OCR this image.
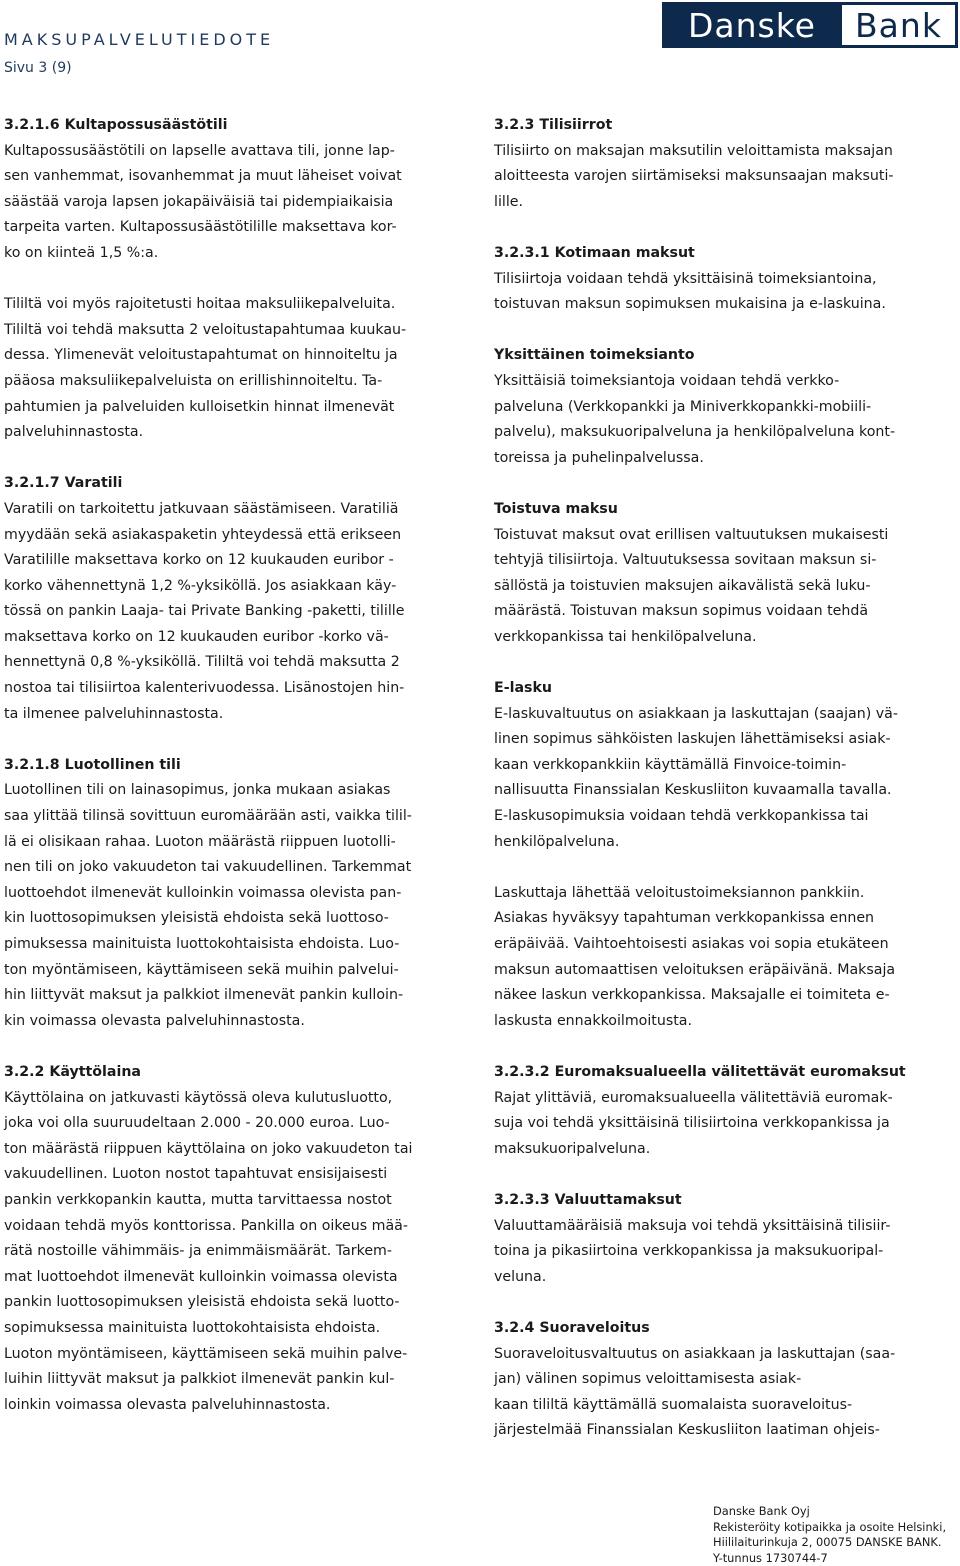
MAKSUPALVELUTIEDOTE
Sivu 3 (9)
Danske	Bank

3.2.1.6 Kultapossusäästötili

Kultapossusäästötili on lapselle avattava tili, jonne lap-
sen vanhemmat, isovanhemmat ja muut läheiset voivat
säästää varoja lapsen jokapäiväisiä tai pidempiaikaisia
tarpeita varten. Kultapossusäästötilille maksettava kor-
ko on kiinteä 1,5 %:a.

Tililtä voi myös rajoitetusti hoitaa maksuliikepalveluita.
Tililtä voi tehdä maksutta 2 veloitustapahtumaa kuukau-
dessa. Ylimenevät veloitustapahtumat on hinnoiteltu ja
pääosa maksuliikepalveluista on erillishinnoiteltu. Ta-
pahtumien ja palveluiden kulloisetkin hinnat ilmenevät
palveluhinnastosta.

3.2.1.7 Varatili

Varatili on tarkoitettu jatkuvaan säästämiseen. Varatiliä
myydään sekä asiakaspaketin yhteydessä että erikseen
Varatilille maksettava korko on 12 kuukauden euribor -
korko vähennettynä 1,2 %-yksiköllä. Jos asiakkaan käy-
tössä on pankin Laaja- tai Private Banking -paketti, tilille
maksettava korko on 12 kuukauden euribor -korko vä-
hennettynä 0,8 %-yksiköllä. Tililtä voi tehdä maksutta 2
nostoa tai tilisiirtoa kalenterivuodessa. Lisänostojen hin-
ta ilmenee palveluhinnastosta.

3.2.1.8 Luotollinen tili

Luotollinen tili on lainasopimus, jonka mukaan asiakas
saa ylittää tilinsä sovittuun euromäärään asti, vaikka tilil-
lä ei olisikaan rahaa. Luoton määrästä riippuen luotolli-
nen tili on joko vakuudeton tai vakuudellinen. Tarkemmat
luottoehdot ilmenevät kulloinkin voimassa olevista pan-
kin luottosopimuksen yleisistä ehdoista sekä luottoso-
pimuksessa mainituista luottokohtaisista ehdoista. Luo-
ton myöntämiseen, käyttämiseen sekä muihin palvelui-
hin liittyvät maksut ja palkkiot ilmenevät pankin kulloin-
kin voimassa olevasta palveluhinnastosta.

3.2.2 Käyttölaina

Käyttölaina on jatkuvasti käytössä oleva kulutusluotto,
joka voi olla suuruudeltaan 2.000 - 20.000 euroa. Luo-
ton määrästä riippuen käyttölaina on joko vakuudeton tai
vakuudellinen. Luoton nostot tapahtuvat ensisijaisesti
pankin verkkopankin kautta, mutta tarvittaessa nostot
voidaan tehdä myös konttorissa. Pankilla on oikeus mää-
rätä nostoille vähimmäis- ja enimmäismäärät. Tarkem-
mat luottoehdot ilmenevät kulloinkin voimassa olevista
pankin luottosopimuksen yleisistä ehdoista sekä luotto-
sopimuksessa mainituista luottokohtaisista ehdoista.
Luoton myöntämiseen, käyttämiseen sekä muihin palve-
luihin liittyvät maksut ja palkkiot ilmenevät pankin kul-
loinkin voimassa olevasta palveluhinnastosta.

3.2.3 Tilisiirrot

Tilisiirto on maksajan maksutilin veloittamista maksajan
aloitteesta varojen siirtämiseksi maksunsaajan maksuti-
lille.

3.2.3.1 Kotimaan maksut

Tilisiirtoja voidaan tehdä yksittäisinä toimeksiantoina,
toistuvan maksun sopimuksen mukaisina ja e-laskuina.

Yksittäinen toimeksianto

Yksittäisiä toimeksiantoja voidaan tehdä verkko-
palveluna (Verkkopankki ja Miniverkkopankki-mobiili-
palvelu), maksukuoripalveluna ja henkilöpalveluna kont-
toreissa ja puhelinpalvelussa.

Toistuva maksu

Toistuvat maksut ovat erillisen valtuutuksen mukaisesti
tehtyjä tilisiirtoja. Valtuutuksessa sovitaan maksun si-
sällöstä ja toistuvien maksujen aikavälistä sekä luku-
määrästä. Toistuvan maksun sopimus voidaan tehdä
verkkopankissa tai henkilöpalveluna.

E-lasku

E-laskuvaltuutus on asiakkaan ja laskuttajan (saajan) vä-
linen sopimus sähköisten laskujen lähettämiseksi asiak-
kaan verkkopankkiin käyttämällä Finvoice-toimin-
nallisuutta Finanssialan Keskusliiton kuvaamalla tavalla.
E-laskusopimuksia voidaan tehdä verkkopankissa tai
henkilöpalveluna.

Laskuttaja lähettää veloitustoimeksiannon pankkiin.
Asiakas hyväksyy tapahtuman verkkopankissa ennen
eräpäivää. Vaihtoehtoisesti asiakas voi sopia etukäteen
maksun automaattisen veloituksen eräpäivänä. Maksaja
näkee laskun verkkopankissa. Maksajalle ei toimiteta e-
laskusta ennakkoilmoitusta.

3.2.3.2 Euromaksualueella välitettävät euromaksut

Rajat ylittäviä, euromaksualueella välitettäviä euromak-
suja voi tehdä yksittäisinä tilisiirtoina verkkopankissa ja
maksukuoripalveluna.

3.2.3.3 Valuuttamaksut

Valuuttamääräisiä maksuja voi tehdä yksittäisinä tilisiir-
toina ja pikasiirtoina verkkopankissa ja maksukuoripal-
veluna.

3.2.4 Suoraveloitus

Suoraveloitusvaltuutus on asiakkaan ja laskuttajan (saa-
jan) välinen sopimus veloittamisesta asiak-
kaan tililtä käyttämällä suomalaista suoraveloitus-
järjestelmää Finanssialan Keskusliiton laatiman ohjeis-

Danske Bank Oyj
Rekisteröity kotipaikka ja osoite Helsinki,
Hiililaiturinkuja 2, 00075 DANSKE BANK.
Y-tunnus 1730744-7
